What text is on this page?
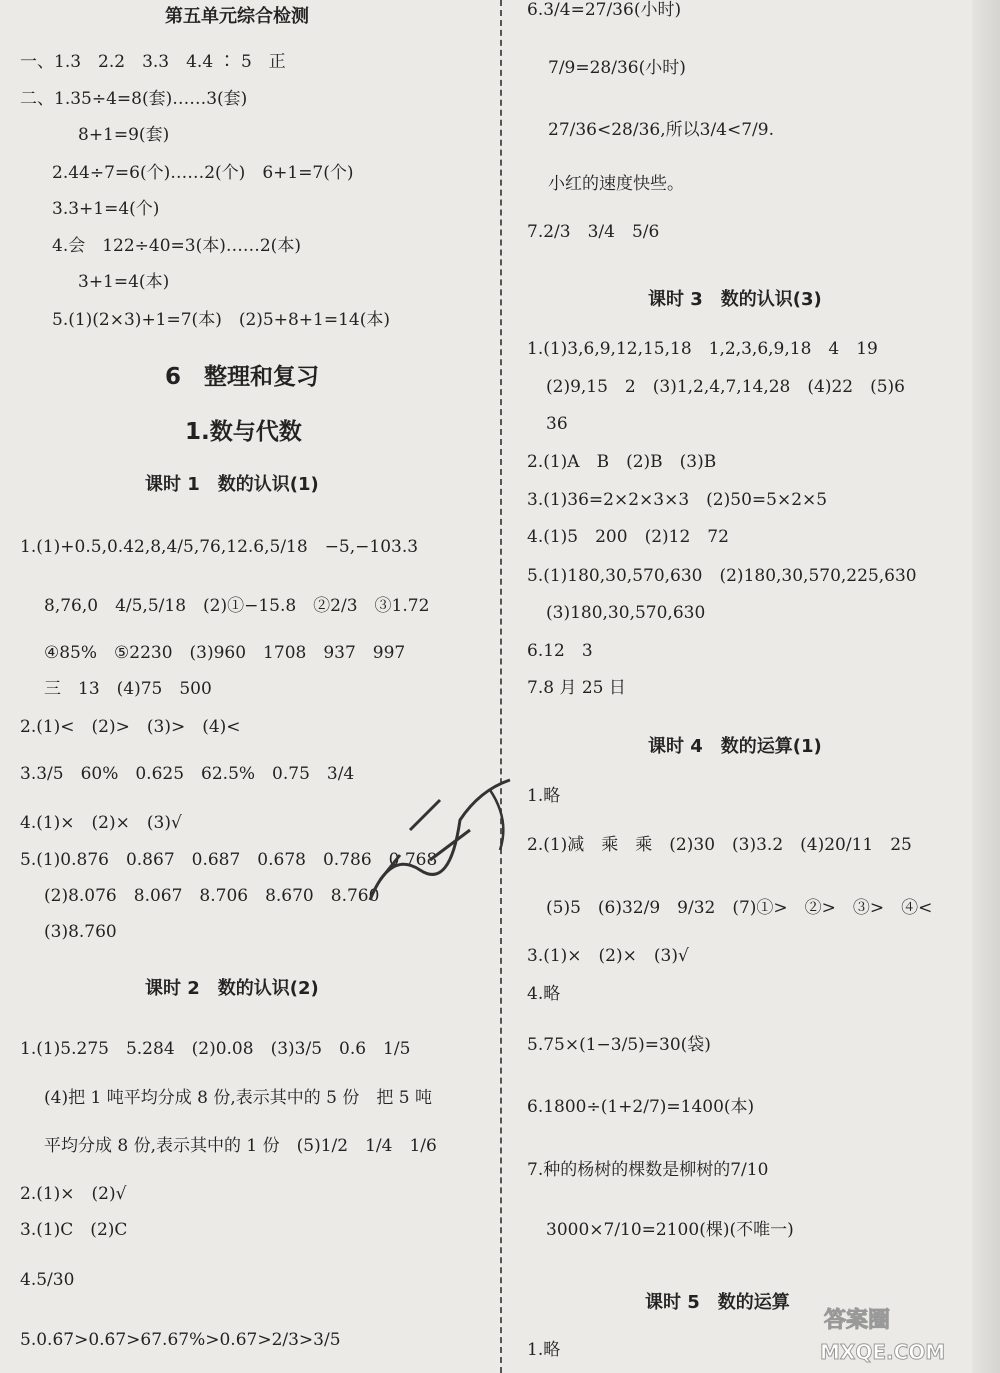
第五单元综合检测
一、1.3　2.2　3.3　4.4 ∶ 5　正
二、1.35÷4=8(套)……3(套)
8+1=9(套)
2.44÷7=6(个)……2(个)　6+1=7(个)
3.3+1=4(个)
4.会　122÷40=3(本)……2(本)
3+1=4(本)
5.(1)(2×3)+1=7(本)　(2)5+8+1=14(本)
6　整理和复习
1.数与代数
课时 1　数的认识(1)
1.(1)+0.5,0.42,8,4/5,76,12.6,5/18　−5,−103.3
8,76,0　4/5,5/18　(2)①−15.8　②2/3　③1.72
④85%　⑤2230　(3)960　1708　937　997
三　13　(4)75　500
2.(1)<　(2)>　(3)>　(4)<
3.3/5　60%　0.625　62.5%　0.75　3/4
4.(1)×　(2)×　(3)√
5.(1)0.876　0.867　0.687　0.678　0.786　0.768
(2)8.076　8.067　8.706　8.670　8.760
(3)8.760
课时 2　数的认识(2)
1.(1)5.275　5.284　(2)0.08　(3)3/5　0.6　1/5
(4)把 1 吨平均分成 8 份,表示其中的 5 份　把 5 吨
平均分成 8 份,表示其中的 1 份　(5)1/2　1/4　1/6
2.(1)×　(2)√
3.(1)C　(2)C
4.5/30
5.0.6̇7̇>0.6̇7>67.67%>0.67>2/3>3/5
6.3/4=27/36(小时)
7/9=28/36(小时)
27/36<28/36,所以3/4<7/9.
小红的速度快些。
7.2/3　3/4　5/6
课时 3　数的认识(3)
1.(1)3,6,9,12,15,18　1,2,3,6,9,18　4　19
(2)9,15　2　(3)1,2,4,7,14,28　(4)22　(5)6
36
2.(1)A　B　(2)B　(3)B
3.(1)36=2×2×3×3　(2)50=5×2×5
4.(1)5　200　(2)12　72
5.(1)180,30,570,630　(2)180,30,570,225,630
(3)180,30,570,630
6.12　3
7.8 月 25 日
课时 4　数的运算(1)
1.略
2.(1)减　乘　乘　(2)30　(3)3.2　(4)20/11　25
(5)5　(6)32/9　9/32　(7)①>　②>　③>　④<
3.(1)×　(2)×　(3)√
4.略
5.75×(1−3/5)=30(袋)
6.1800÷(1+2/7)=1400(本)
7.种的杨树的棵数是柳树的7/10
3000×7/10=2100(棵)(不唯一)
课时 5　数的运算
1.略
答案圈
MXQE.COM
